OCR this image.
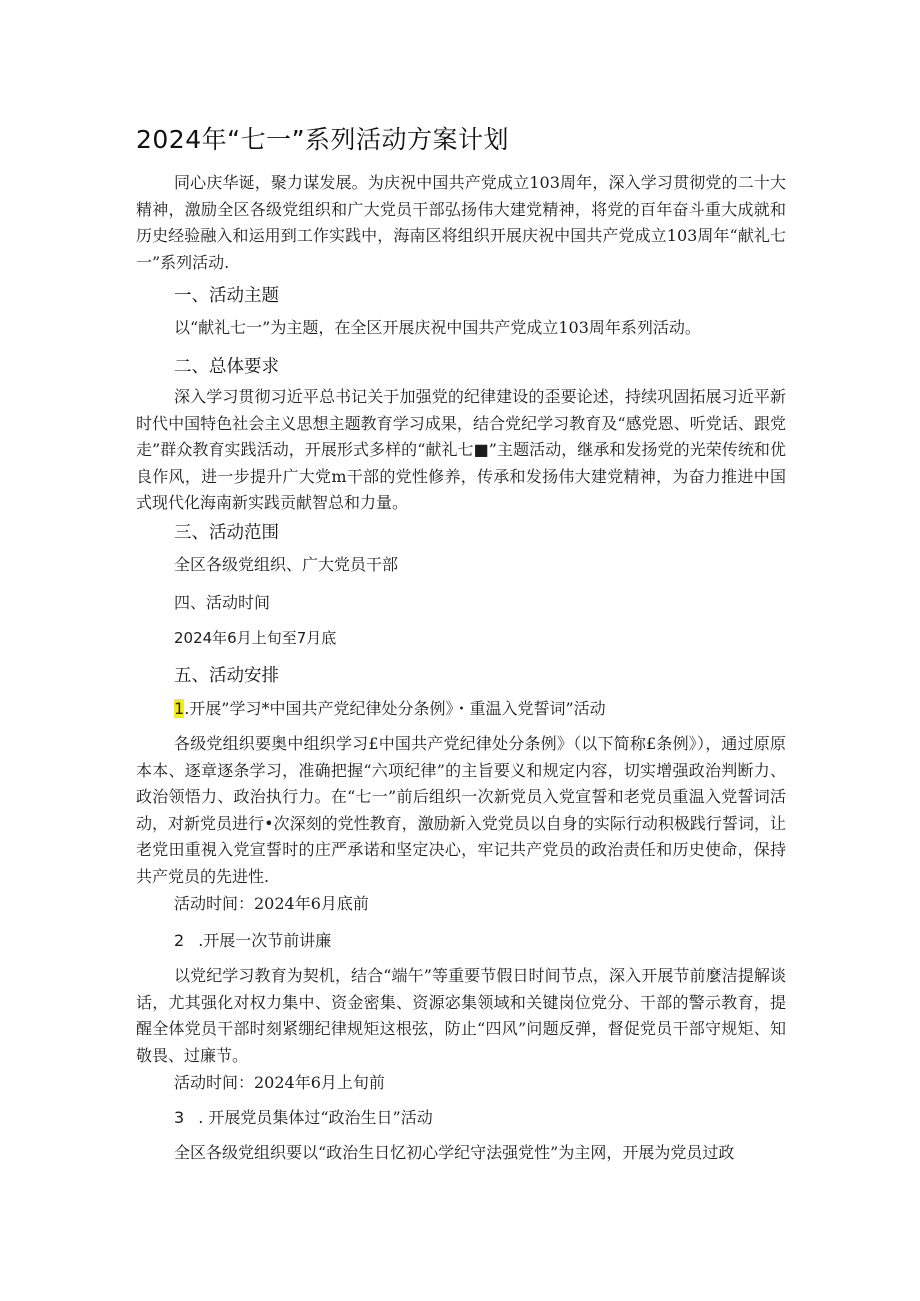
2024年“七一”系列活动方案计划

同心庆华诞，聚力谋发展。为庆祝中国共产党成立103周年，深入学习贯彻党的二十大精神，激励全区各级党组织和广大党员干部弘扬伟大建党精神，将党的百年奋斗重大成就和历史经验融入和运用到工作实践中，海南区将组织开展庆祝中国共产党成立103周年“献礼七一”系列活动.

一、活动主题
以“献礼七一”为主题，在全区开展庆祝中国共产党成立103周年系列活动。
二、总体要求

深入学习贯彻习近平总书记关于加强党的纪律建设的歪要论述，持续巩固拓展习近平新时代中国特色社会主义思想主题教育学习成果，结合党纪学习教育及“感党恩、听党话、跟党走”群众教育实践活动，开展形式多样的“献礼七■”主题活动，继承和发扬党的光荣传统和优良作风，进一步提升广大党m干部的党性修养，传承和发扬伟大建党精神，为奋力推进中国式现代化海南新实践贡献智总和力量。

三、活动范围
全区各级党组织、广大党员干部
四、活动时间
2024年6月上旬至7月底
五、活动安排
1.开展”学习*中国共产党纪律处分条例》・重温入党誓词”活动

各级党组织要奥中组织学习£中国共产党纪律处分条例》（以下简称£条例》），通过原原本本、逐章逐条学习，准确把握“六项纪律”的主旨要义和规定内容，切实增强政治判断力、政治领悟力、政治执行力。在“七一”前后组织一次新党员入党宣誓和老党员重温入党誓词活动，对新党员进行•次深刻的党性教育，激励新入党党员以自身的实际行动积极践行誓词，让老党田重視入党宣誓时的庄严承诺和坚定决心，牢记共产党员的政治责任和历史使命，保持共产党员的先进性.

活动时间：2024年6月底前
2 .开展一次节前讲廉

以党纪学习教育为契机，结合“端午”等重要节假日时间节点，深入开展节前麼洁提解谈话，尤其强化对权力集中、资金密集、资源宓集领域和关键岗位党分、干部的警示教育，提醒全体党员干部时刻紧绷纪律规矩这根弦，防止“四风”问题反弹，督促党员干部守规矩、知敬畏、过廉节。

活动时间：2024年6月上旬前
3 . 开展党员集体过“政治生日”活动

全区各级党组织要以“政治生日忆初心学纪守法强党性”为主网，开展为党员过政
